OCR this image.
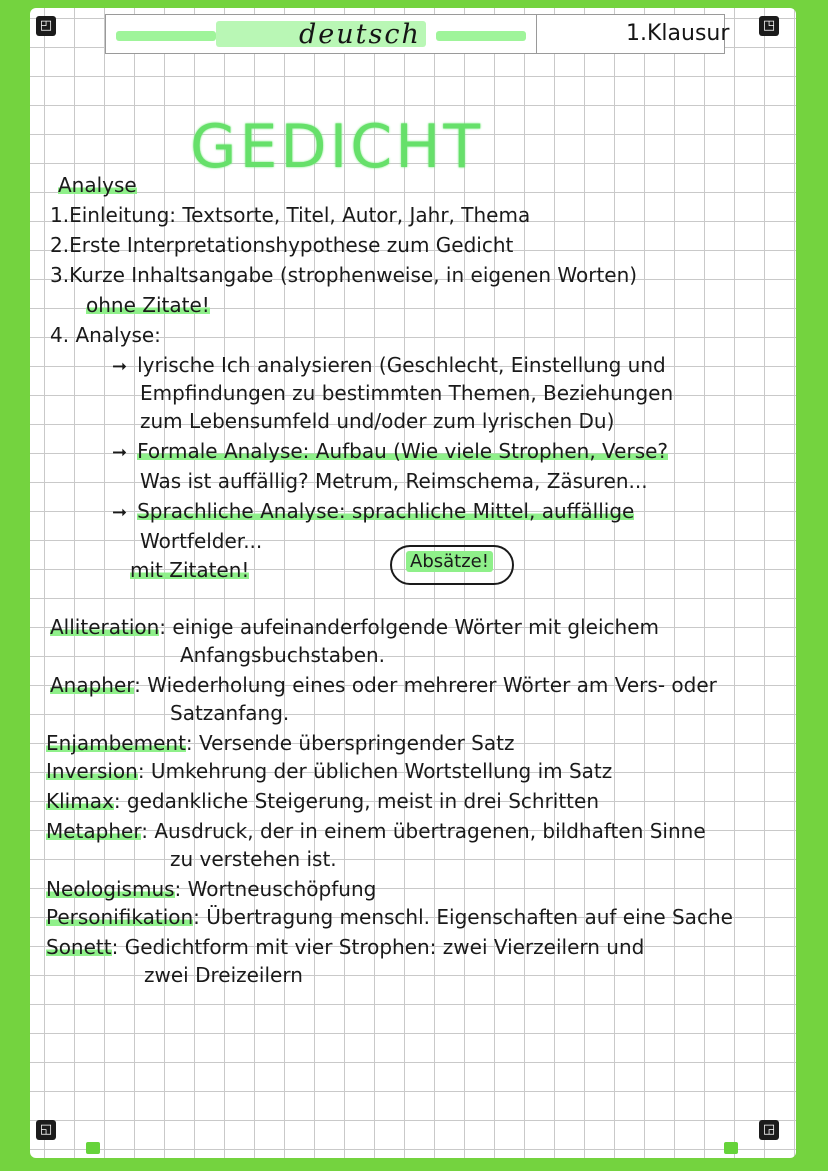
◰	◳
◱	◲
deutsch	1.Klausur
GEDICHT
Analyse
1.Einleitung: Textsorte, Titel, Autor, Jahr, Thema
2.Erste Interpretationshypothese zum Gedicht
3.Kurze Inhaltsangabe (strophenweise, in eigenen Worten)
ohne Zitate!
4. Analyse:
➞ lyrische Ich analysieren (Geschlecht, Einstellung und
Empfindungen zu bestimmten Themen, Beziehungen
zum Lebensumfeld und/oder zum lyrischen Du)
➞ Formale Analyse: Aufbau (Wie viele Strophen, Verse?
Was ist auffällig? Metrum, Reimschema, Zäsuren...
➞ Sprachliche Analyse: sprachliche Mittel, auffällige
Wortfelder...
mit Zitaten!	Absätze!
Alliteration: einige aufeinanderfolgende Wörter mit gleichem
Anfangsbuchstaben.
Anapher: Wiederholung eines oder mehrerer Wörter am Vers- oder
Satzanfang.
Enjambement: Versende überspringender Satz
Inversion: Umkehrung der üblichen Wortstellung im Satz
Klimax: gedankliche Steigerung, meist in drei Schritten
Metapher: Ausdruck, der in einem übertragenen, bildhaften Sinne
zu verstehen ist.
Neologismus: Wortneuschöpfung
Personifikation: Übertragung menschl. Eigenschaften auf eine Sache
Sonett: Gedichtform mit vier Strophen: zwei Vierzeilern und
zwei Dreizeilern
